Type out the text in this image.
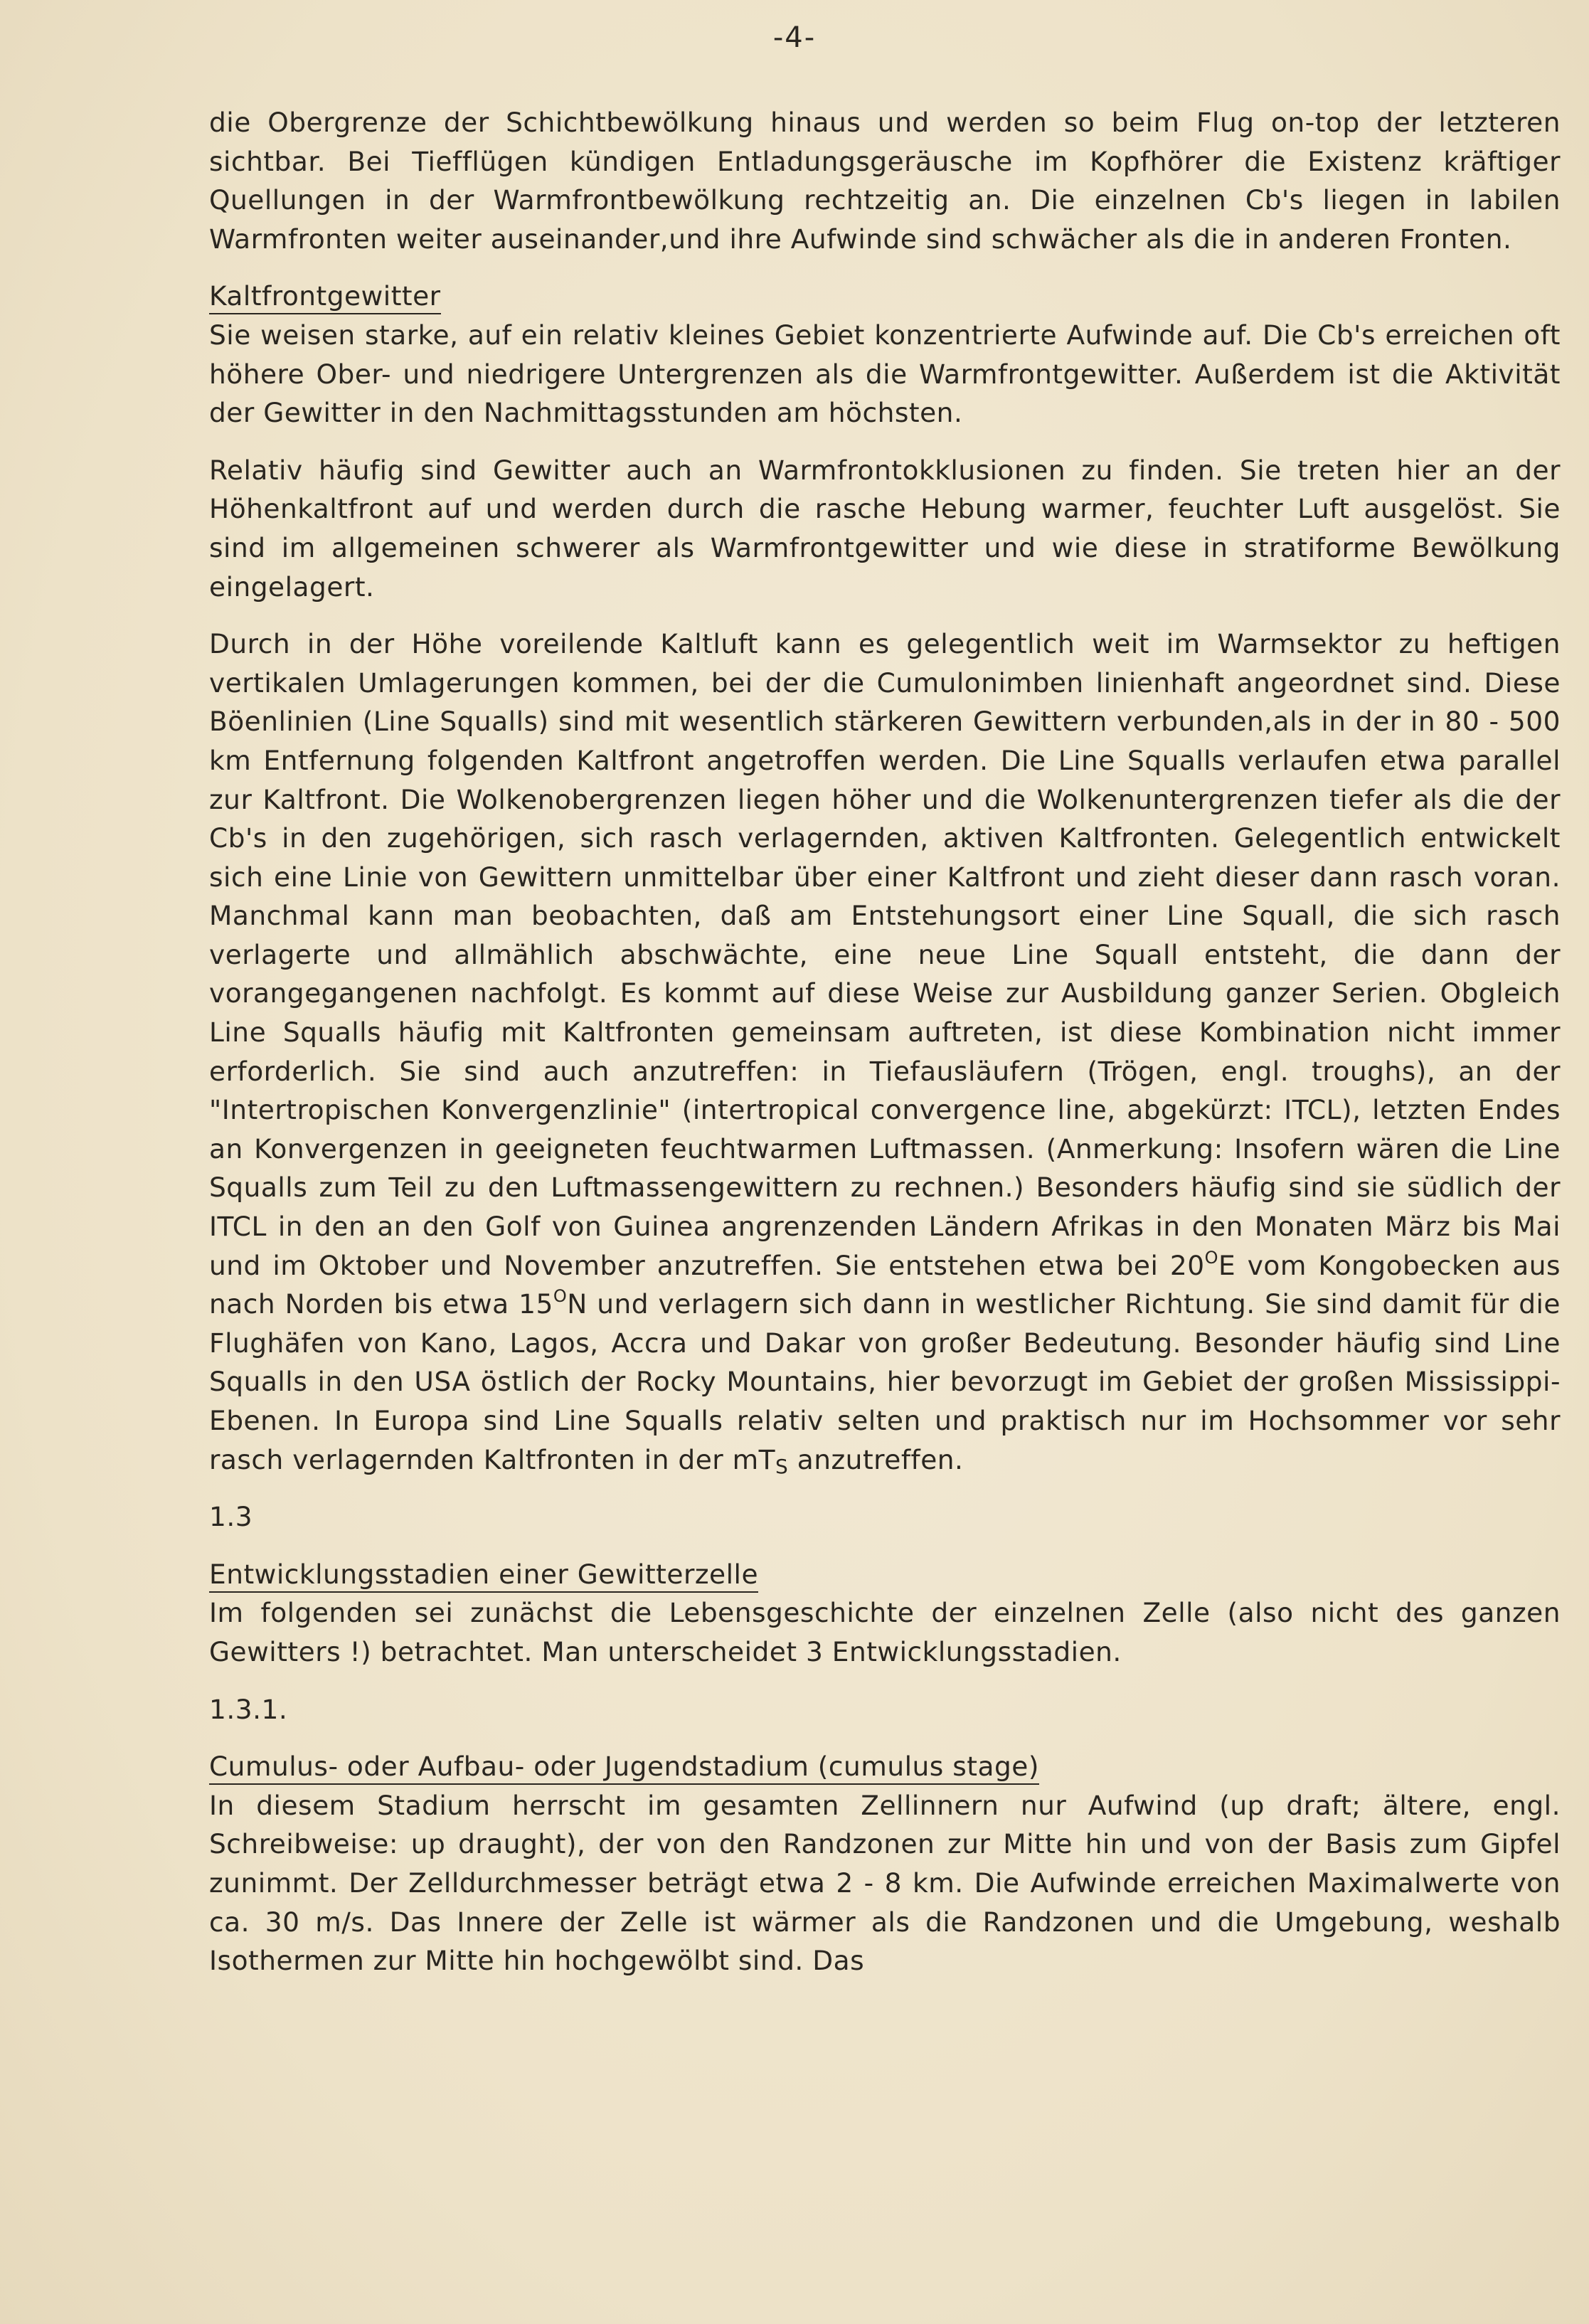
-4-

die Obergrenze der Schichtbewölkung hinaus und werden so beim Flug on-top der letzteren sichtbar. Bei Tiefflügen kündigen Entladungsgeräusche im Kopfhörer die Existenz kräftiger Quellungen in der Warmfrontbewölkung rechtzeitig an. Die einzelnen Cb's liegen in labilen Warmfronten weiter auseinander,und ihre Aufwinde sind schwächer als die in anderen Fronten.

Kaltfrontgewitter

Sie weisen starke, auf ein relativ kleines Gebiet konzentrierte Aufwinde auf. Die Cb's erreichen oft höhere Ober- und niedrigere Untergrenzen als die Warmfrontgewitter. Außerdem ist die Aktivität der Gewitter in den Nachmittagsstunden am höchsten.

Relativ häufig sind Gewitter auch an Warmfrontokklusionen zu finden. Sie treten hier an der Höhenkaltfront auf und werden durch die rasche Hebung warmer, feuchter Luft ausgelöst. Sie sind im allgemeinen schwerer als Warmfrontgewitter und wie diese in stratiforme Bewölkung eingelagert.

Durch in der Höhe voreilende Kaltluft kann es gelegentlich weit im Warmsektor zu heftigen vertikalen Umlagerungen kommen, bei der die Cumulonimben linienhaft angeordnet sind. Diese Böenlinien (Line Squalls) sind mit wesentlich stärkeren Gewittern verbunden,als in der in 80 - 500 km Entfernung folgenden Kaltfront angetroffen werden. Die Line Squalls verlaufen etwa parallel zur Kaltfront. Die Wolkenobergrenzen liegen höher und die Wolkenuntergrenzen tiefer als die der Cb's in den zugehörigen, sich rasch verlagernden, aktiven Kaltfronten. Gelegentlich entwickelt sich eine Linie von Gewittern unmittelbar über einer Kaltfront und zieht dieser dann rasch voran. Manchmal kann man beobachten, daß am Entstehungsort einer Line Squall, die sich rasch verlagerte und allmählich abschwächte, eine neue Line Squall entsteht, die dann der vorangegangenen nachfolgt. Es kommt auf diese Weise zur Ausbildung ganzer Serien. Obgleich Line Squalls häufig mit Kaltfronten gemeinsam auftreten, ist diese Kombination nicht immer erforderlich. Sie sind auch anzutreffen: in Tiefausläufern (Trögen, engl. troughs), an der "Intertropischen Konvergenzlinie" (intertropical convergence line, abgekürzt: ITCL), letzten Endes an Konvergenzen in geeigneten feuchtwarmen Luftmassen. (Anmerkung: Insofern wären die Line Squalls zum Teil zu den Luftmassengewittern zu rechnen.) Besonders häufig sind sie südlich der ITCL in den an den Golf von Guinea angrenzenden Ländern Afrikas in den Monaten März bis Mai und im Oktober und November anzutreffen. Sie entstehen etwa bei $20^OE$ vom Kongobecken aus nach Norden bis etwa $15^ON$ und verlagern sich dann in westlicher Richtung. Sie sind damit für die Flughäfen von Kano, Lagos, Accra und Dakar von großer Bedeutung. Besonder häufig sind Line Squalls in den USA östlich der Rocky Mountains, hier bevorzugt im Gebiet der großen Mississippi-Ebenen. In Europa sind Line Squalls relativ selten und praktisch nur im Hochsommer vor sehr rasch verlagernden Kaltfronten in der $mT_S$ anzutreffen.

1.3

Entwicklungsstadien einer Gewitterzelle

Im folgenden sei zunächst die Lebensgeschichte der einzelnen Zelle (also nicht des ganzen Gewitters !) betrachtet. Man unterscheidet 3 Entwicklungsstadien.

1.3.1.

Cumulus- oder Aufbau- oder Jugendstadium (cumulus stage)

In diesem Stadium herrscht im gesamten Zellinnern nur Aufwind (up draft; ältere, engl. Schreibweise: up draught), der von den Randzonen zur Mitte hin und von der Basis zum Gipfel zunimmt. Der Zelldurchmesser beträgt etwa 2 - 8 km. Die Aufwinde erreichen Maximalwerte von ca. 30 m/s. Das Innere der Zelle ist wärmer als die Randzonen und die Umgebung, weshalb Isothermen zur Mitte hin hochgewölbt sind. Das
